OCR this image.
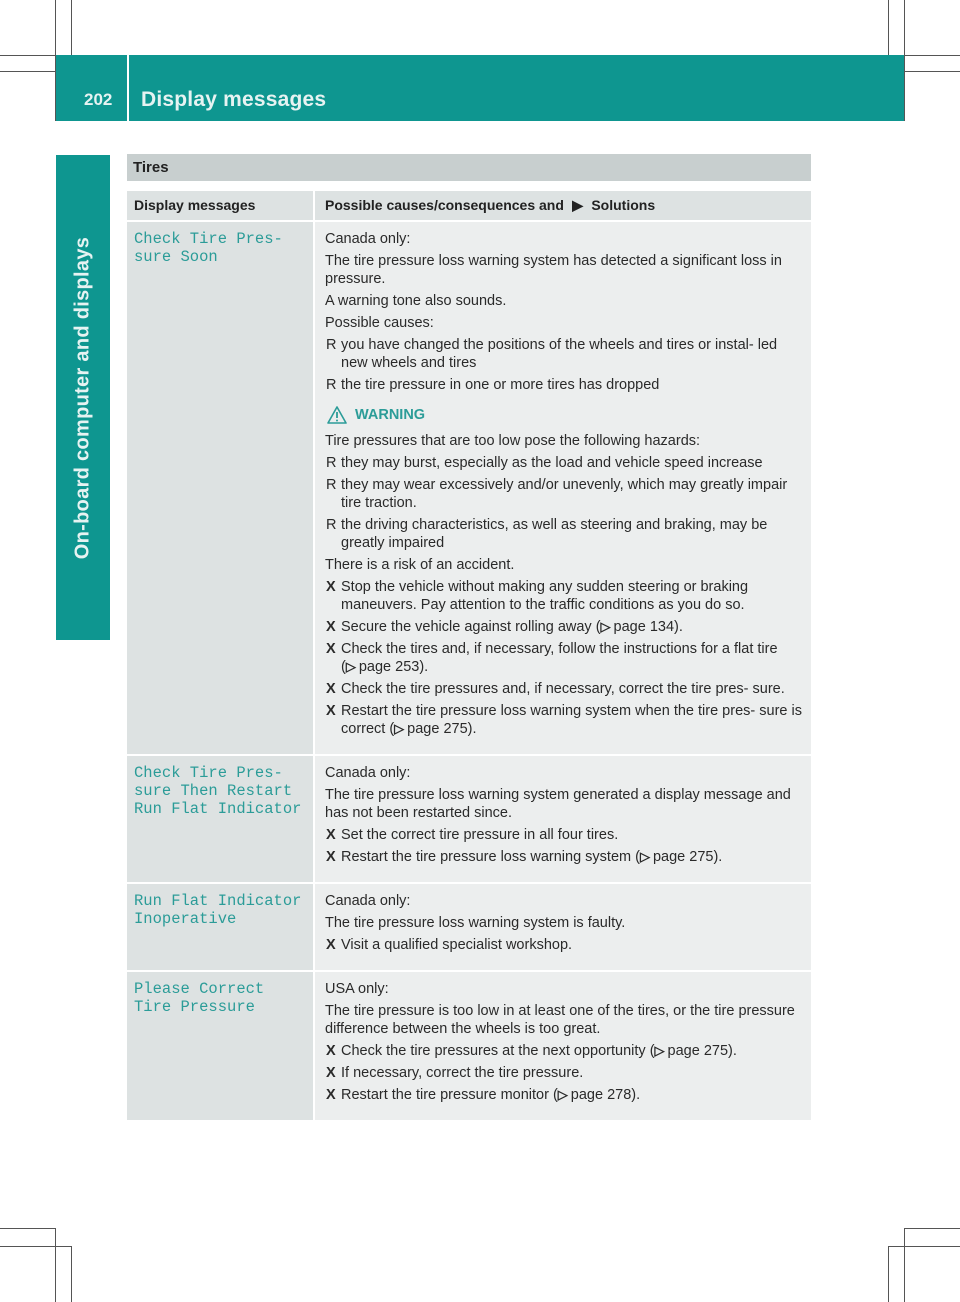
202 Display messages
On-board computer and displays
Tires
Display messages	Possible causes/consequences and  ▶  Solutions
Check Tire Pres‐
sure Soon
Canada only:
The tire pressure loss warning system has detected a significant loss in pressure.
A warning tone also sounds.
Possible causes:
R you have changed the positions of the wheels and tires or instal‐ led new wheels and tires
R the tire pressure in one or more tires has dropped
WARNING
Tire pressures that are too low pose the following hazards:
R they may burst, especially as the load and vehicle speed increase
R they may wear excessively and/or unevenly, which may greatly impair tire traction.
R the driving characteristics, as well as steering and braking, may be greatly impaired
There is a risk of an accident.
X Stop the vehicle without making any sudden steering or braking maneuvers. Pay attention to the traffic conditions as you do so.
X Secure the vehicle against rolling away (▷ page 134).
X Check the tires and, if necessary, follow the instructions for a flat tire (▷ page 253).
X Check the tire pressures and, if necessary, correct the tire pres‐ sure.
X Restart the tire pressure loss warning system when the tire pres‐ sure is correct (▷ page 275).
Check Tire Pres‐
sure Then Restart
Run Flat Indicator
Canada only:
The tire pressure loss warning system generated a display message and has not been restarted since.
X Set the correct tire pressure in all four tires.
X Restart the tire pressure loss warning system (▷ page 275).
Run Flat Indicator
Inoperative
Canada only:
The tire pressure loss warning system is faulty.
X Visit a qualified specialist workshop.
Please Correct
Tire Pressure
USA only:
The tire pressure is too low in at least one of the tires, or the tire pressure difference between the wheels is too great.
X Check the tire pressures at the next opportunity (▷ page 275).
X If necessary, correct the tire pressure.
X Restart the tire pressure monitor (▷ page 278).
